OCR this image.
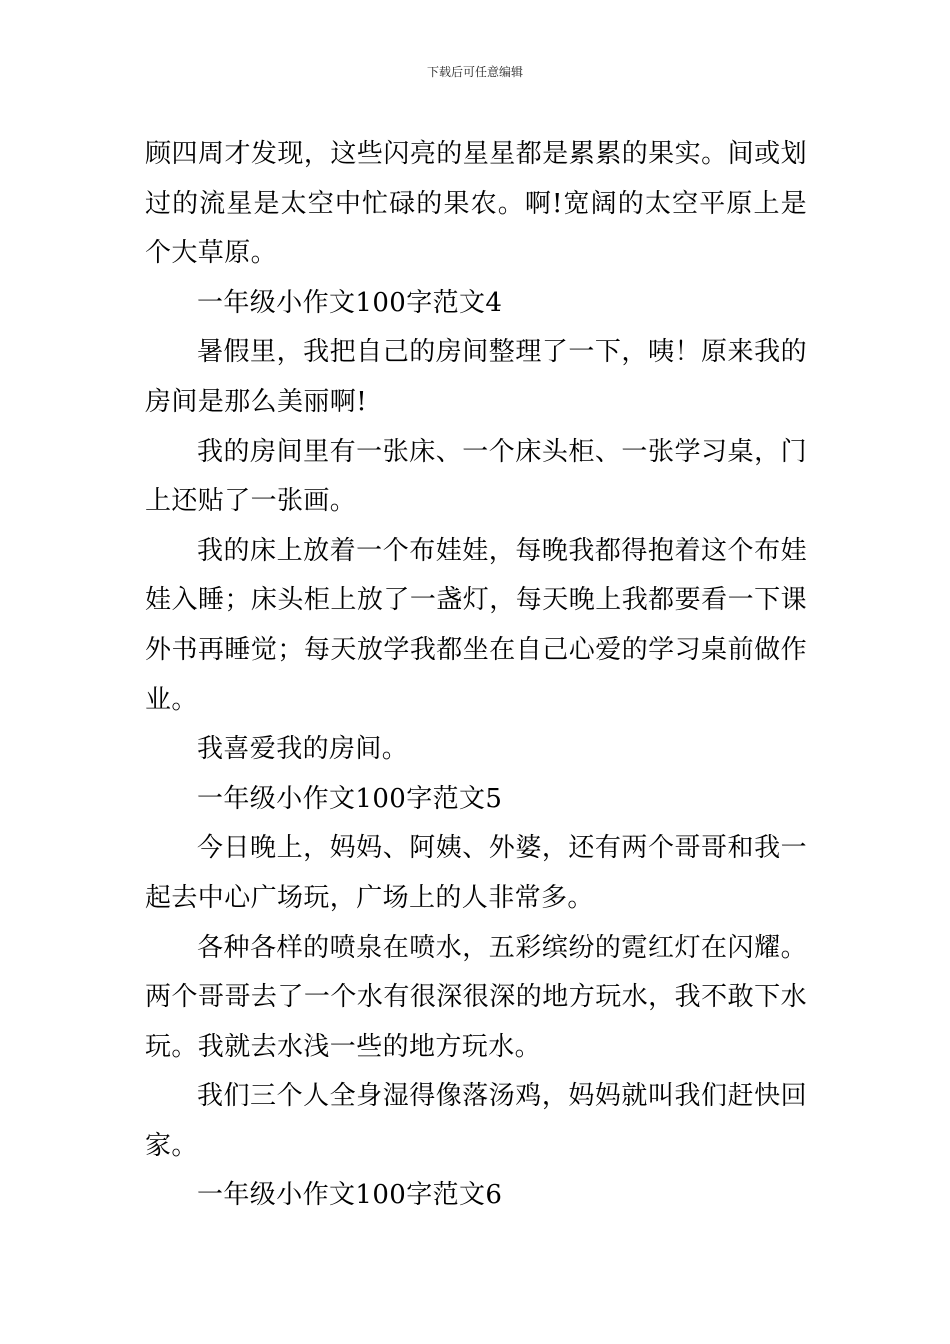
下载后可任意编辑

顾四周才发现，这些闪亮的星星都是累累的果实。间或划过的流星是太空中忙碌的果农。啊!宽阔的太空平原上是个大草原。

一年级小作文100字范文4

暑假里，我把自己的房间整理了一下，咦！原来我的房间是那么美丽啊!

我的房间里有一张床、一个床头柜、一张学习桌，门上还贴了一张画。

我的床上放着一个布娃娃，每晚我都得抱着这个布娃娃入睡；床头柜上放了一盏灯，每天晚上我都要看一下课外书再睡觉；每天放学我都坐在自己心爱的学习桌前做作业。

我喜爱我的房间。

一年级小作文100字范文5

今日晚上，妈妈、阿姨、外婆，还有两个哥哥和我一起去中心广场玩，广场上的人非常多。

各种各样的喷泉在喷水，五彩缤纷的霓红灯在闪耀。两个哥哥去了一个水有很深很深的地方玩水，我不敢下水玩。我就去水浅一些的地方玩水。

我们三个人全身湿得像落汤鸡，妈妈就叫我们赶快回家。

一年级小作文100字范文6
